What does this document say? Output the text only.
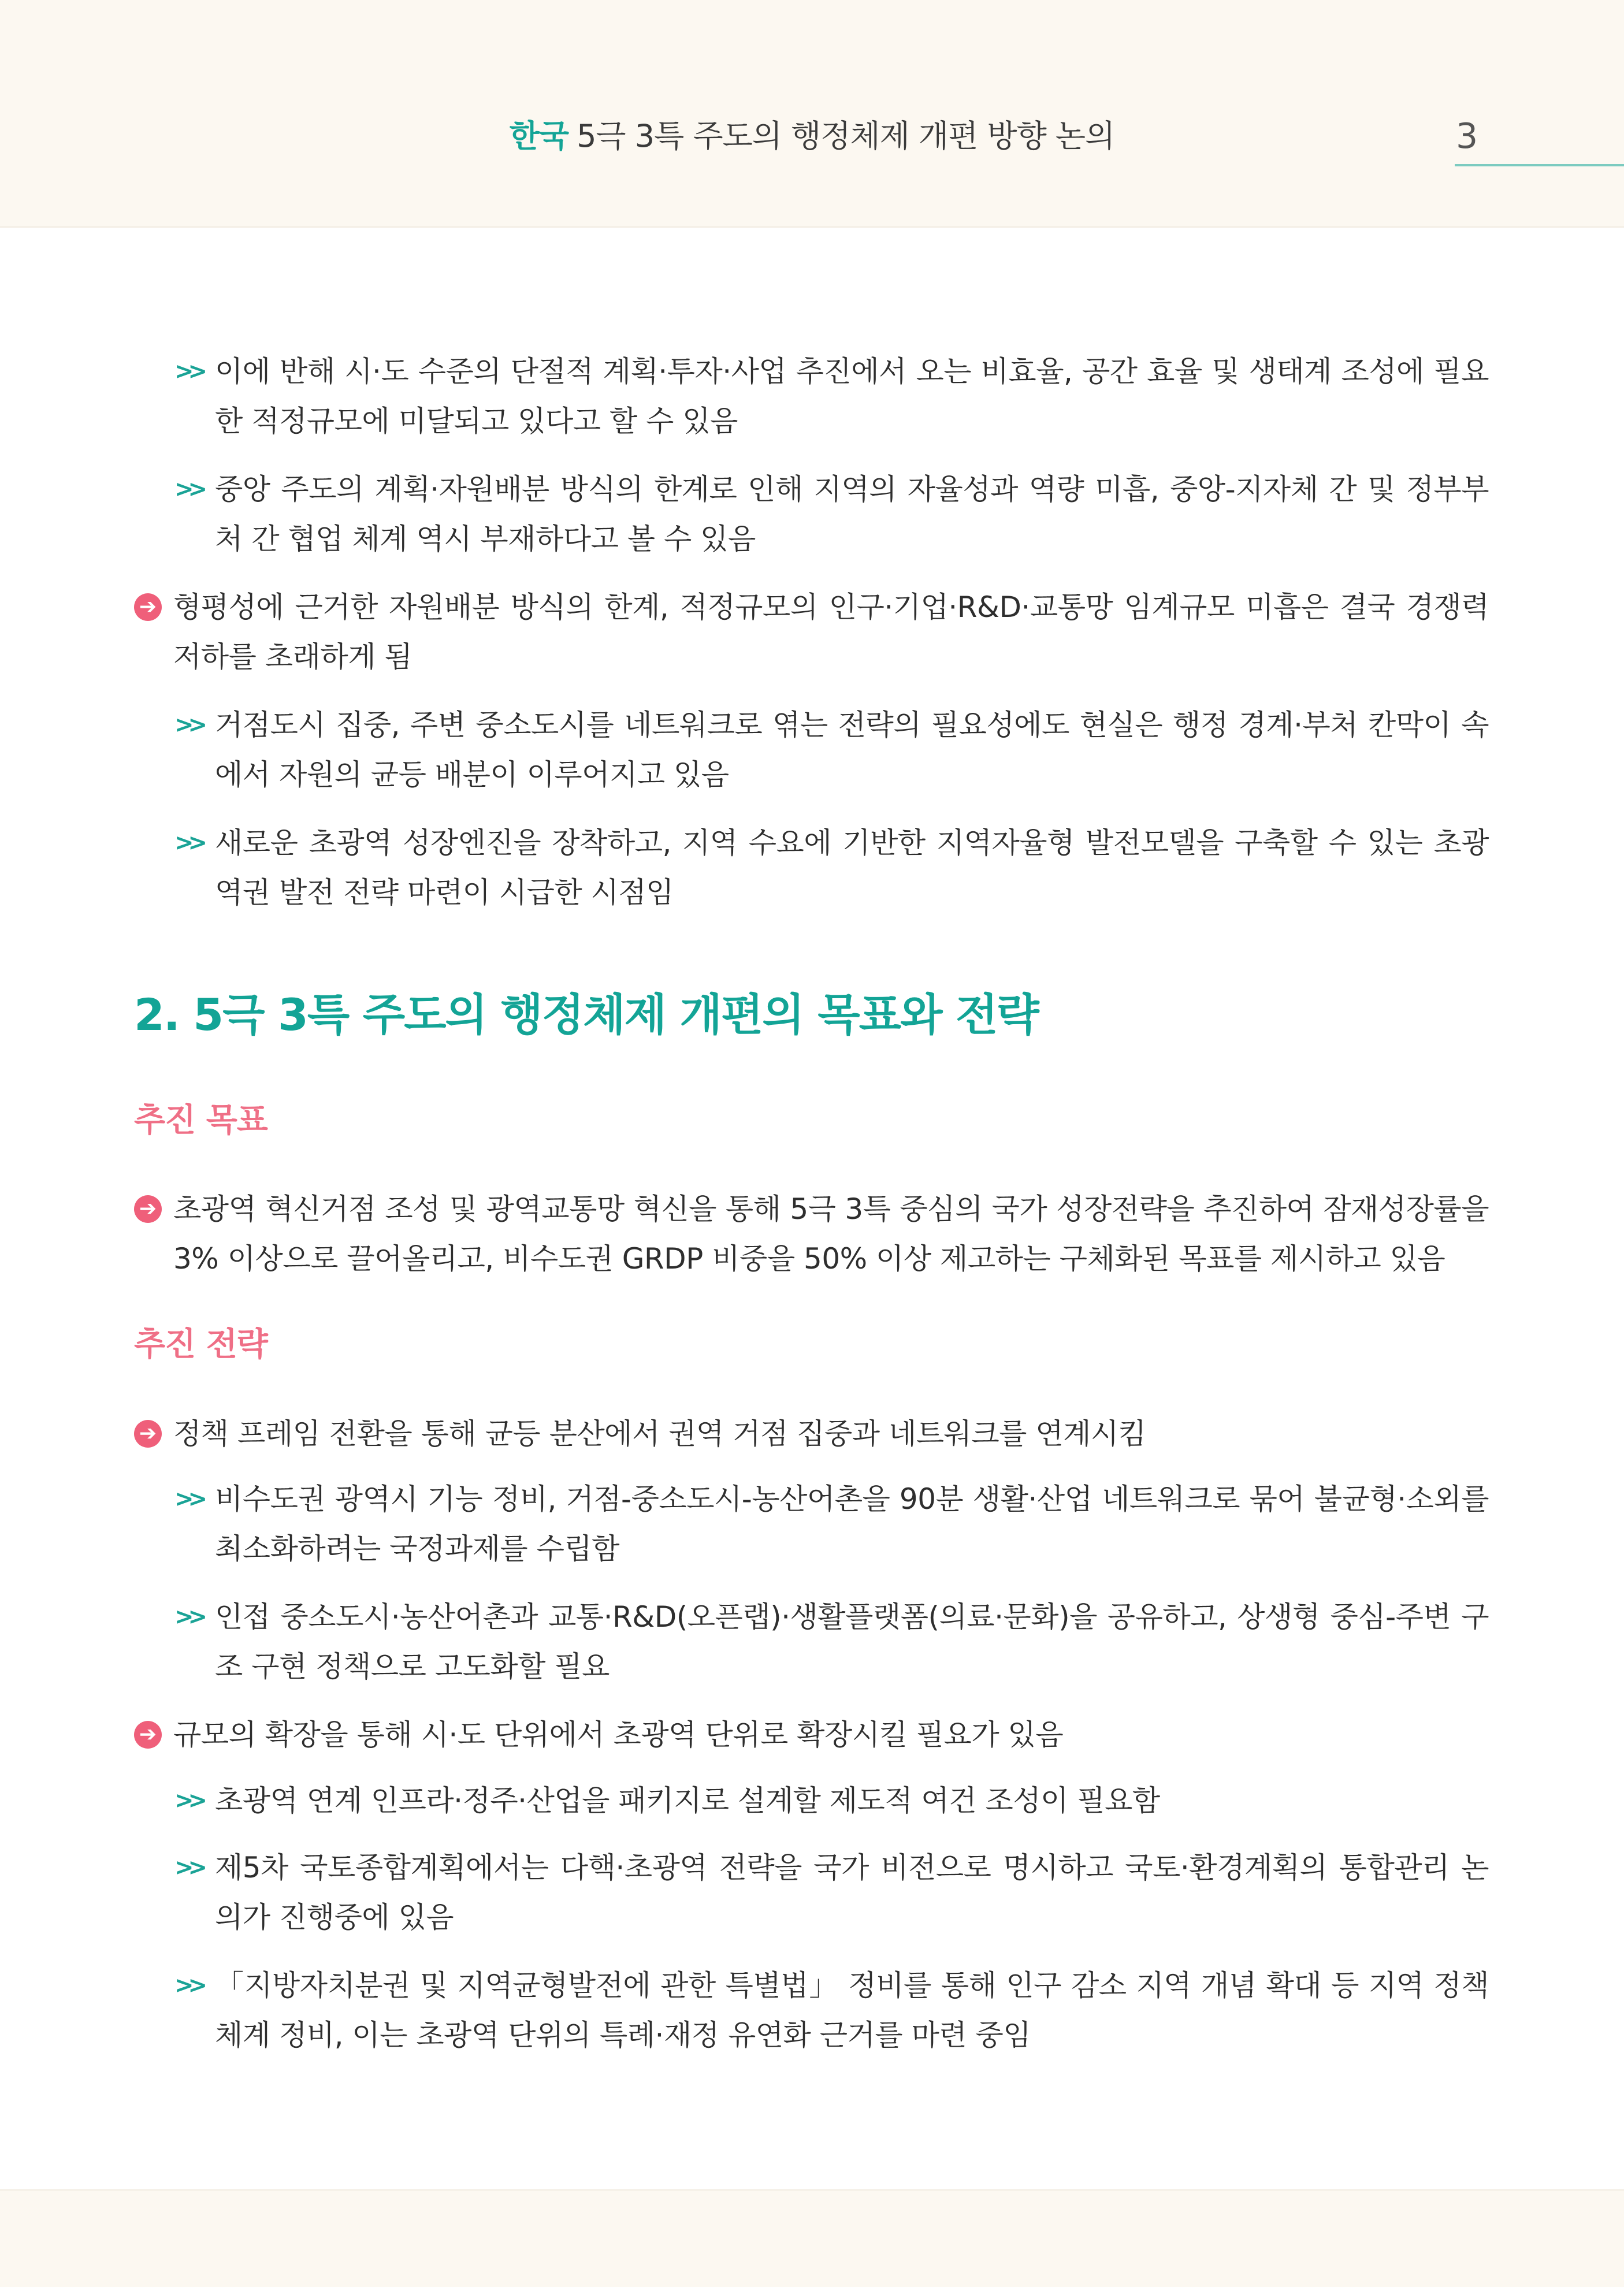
한국 5극 3특 주도의 행정체제 개편 방향 논의	3
>> 이에 반해 시·도 수준의 단절적 계획·투자·사업 추진에서 오는 비효율, 공간 효율 및 생태계 조성에 필요한 적정규모에 미달되고 있다고 할 수 있음
>> 중앙 주도의 계획·자원배분 방식의 한계로 인해 지역의 자율성과 역량 미흡, 중앙-지자체 간 및 정부부처 간 협업 체계 역시 부재하다고 볼 수 있음
➔ 형평성에 근거한 자원배분 방식의 한계, 적정규모의 인구·기업·R&D·교통망 임계규모 미흡은 결국 경쟁력 저하를 초래하게 됨
>> 거점도시 집중, 주변 중소도시를 네트워크로 엮는 전략의 필요성에도 현실은 행정 경계·부처 칸막이 속에서 자원의 균등 배분이 이루어지고 있음
>> 새로운 초광역 성장엔진을 장착하고, 지역 수요에 기반한 지역자율형 발전모델을 구축할 수 있는 초광역권 발전 전략 마련이 시급한 시점임
2. 5극 3특 주도의 행정체제 개편의 목표와 전략
추진 목표
➔ 초광역 혁신거점 조성 및 광역교통망 혁신을 통해 5극 3특 중심의 국가 성장전략을 추진하여 잠재성장률을 3% 이상으로 끌어올리고, 비수도권 GRDP 비중을 50% 이상 제고하는 구체화된 목표를 제시하고 있음
추진 전략
➔ 정책 프레임 전환을 통해 균등 분산에서 권역 거점 집중과 네트워크를 연계시킴
>> 비수도권 광역시 기능 정비, 거점-중소도시-농산어촌을 90분 생활·산업 네트워크로 묶어 불균형·소외를 최소화하려는 국정과제를 수립함
>> 인접 중소도시·농산어촌과 교통·R&D(오픈랩)·생활플랫폼(의료·문화)을 공유하고, 상생형 중심-주변 구조 구현 정책으로 고도화할 필요
➔ 규모의 확장을 통해 시·도 단위에서 초광역 단위로 확장시킬 필요가 있음
>> 초광역 연계 인프라·정주·산업을 패키지로 설계할 제도적 여건 조성이 필요함
>> 제5차 국토종합계획에서는 다핵·초광역 전략을 국가 비전으로 명시하고 국토·환경계획의 통합관리 논의가 진행중에 있음
>> 「지방자치분권 및 지역균형발전에 관한 특별법」 정비를 통해 인구 감소 지역 개념 확대 등 지역 정책 체계 정비, 이는 초광역 단위의 특례·재정 유연화 근거를 마련 중임
